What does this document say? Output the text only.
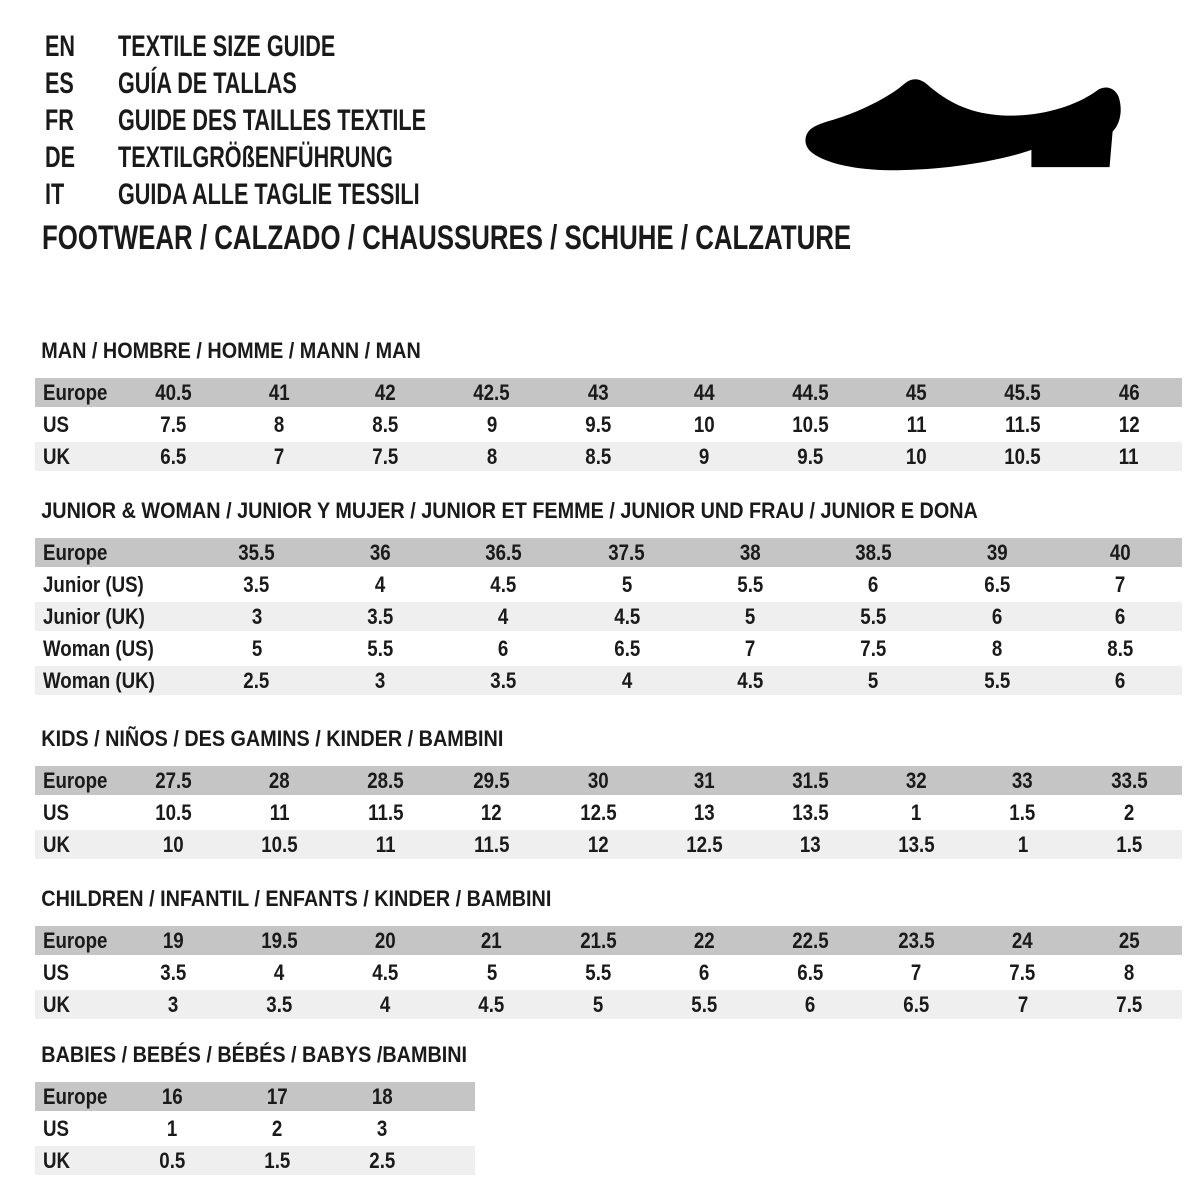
EN	TEXTILE SIZE GUIDE
ES	GUÍA DE TALLAS
FR	GUIDE DES TAILLES TEXTILE
DE	TEXTILGRÖßENFÜHRUNG
IT	GUIDA ALLE TAGLIE TESSILI
FOOTWEAR / CALZADO / CHAUSSURES / SCHUHE / CALZATURE
MAN / HOMBRE / HOMME / MANN / MAN
Europe 40.5	41	42	42.5	43	44	44.5	45	45.5	46
US	7.5	8	8.5	9	9.5	10	10.5	11	11.5	12
UK	6.5	7	7.5	8	8.5	9	9.5	10	10.5	11
JUNIOR & WOMAN / JUNIOR Y MUJER / JUNIOR ET FEMME / JUNIOR UND FRAU / JUNIOR E DONA
Europe	35.5	36	36.5	37.5	38	38.5	39	40
Junior (US)	3.5	4	4.5	5	5.5	6	6.5	7
Junior (UK)	3	3.5	4	4.5	5	5.5	6	6
Woman (US)	5	5.5	6	6.5	7	7.5	8	8.5
Woman (UK)	2.5	3	3.5	4	4.5	5	5.5	6
KIDS / NIÑOS / DES GAMINS / KINDER / BAMBINI
Europe 27.5	28	28.5	29.5	30	31	31.5	32	33	33.5
US	10.5	11	11.5	12	12.5	13	13.5	1	1.5	2
UK	10	10.5	11	11.5	12	12.5	13	13.5	1	1.5
CHILDREN / INFANTIL / ENFANTS / KINDER / BAMBINI
Europe	19	19.5	20	21	21.5	22	22.5	23.5	24	25
US	3.5	4	4.5	5	5.5	6	6.5	7	7.5	8
UK	3	3.5	4	4.5	5	5.5	6	6.5	7	7.5
BABIES / BEBÉS / BÉBÉS / BABYS /BAMBINI
Europe 16	17	18
US	1	2	3
UK	0.5	1.5	2.5
